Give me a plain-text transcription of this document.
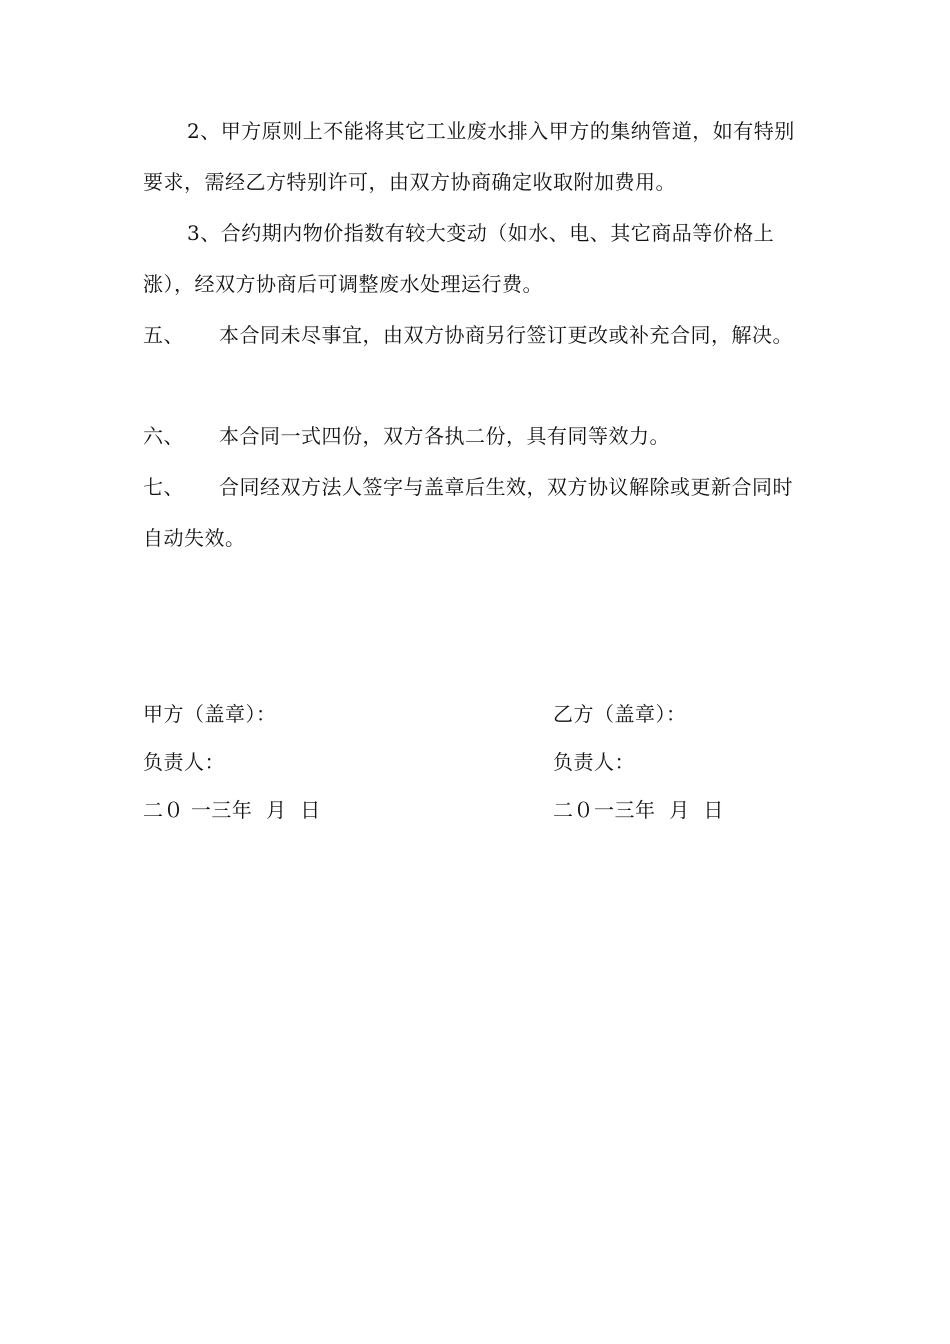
2、甲方原则上不能将其它工业废水排入甲方的集纳管道，如有特别要求，需经乙方特别许可，由双方协商确定收取附加费用。

3、合约期内物价指数有较大变动（如水、电、其它商品等价格上涨），经双方协商后可调整废水处理运行费。

五、 本合同未尽事宜，由双方协商另行签订更改或补充合同，解决。

六、 本合同一式四份，双方各执二份，具有同等效力。

七、 合同经双方法人签字与盖章后生效，双方协议解除或更新合同时 自动失效。

甲方（盖章）：
负责人：
二０ 一三年  月  日
乙方（盖章）：
负责人：
二０一三年  月  日
